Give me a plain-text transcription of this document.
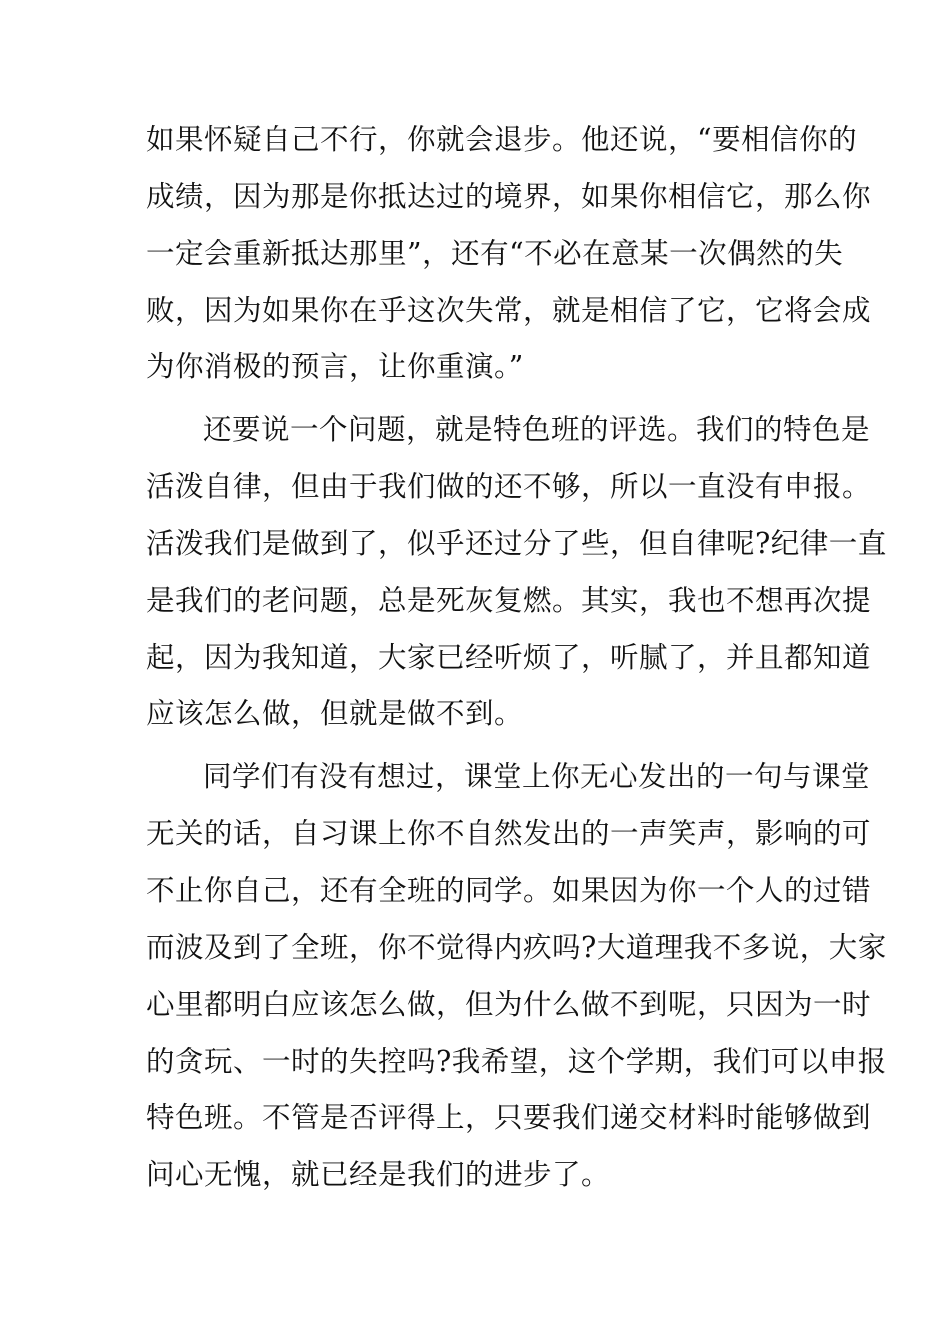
如果怀疑自己不行，你就会退步。他还说，“要相信你的
成绩，因为那是你抵达过的境界，如果你相信它，那么你
一定会重新抵达那里”，还有“不必在意某一次偶然的失
败，因为如果你在乎这次失常，就是相信了它，它将会成
为你消极的预言，让你重演。”
还要说一个问题，就是特色班的评选。我们的特色是
活泼自律，但由于我们做的还不够，所以一直没有申报。
活泼我们是做到了，似乎还过分了些，但自律呢?纪律一直
是我们的老问题，总是死灰复燃。其实，我也不想再次提
起，因为我知道，大家已经听烦了，听腻了，并且都知道
应该怎么做，但就是做不到。
同学们有没有想过，课堂上你无心发出的一句与课堂
无关的话，自习课上你不自然发出的一声笑声，影响的可
不止你自己，还有全班的同学。如果因为你一个人的过错
而波及到了全班，你不觉得内疚吗?大道理我不多说，大家
心里都明白应该怎么做，但为什么做不到呢，只因为一时
的贪玩、一时的失控吗?我希望，这个学期，我们可以申报
特色班。不管是否评得上，只要我们递交材料时能够做到
问心无愧，就已经是我们的进步了。
